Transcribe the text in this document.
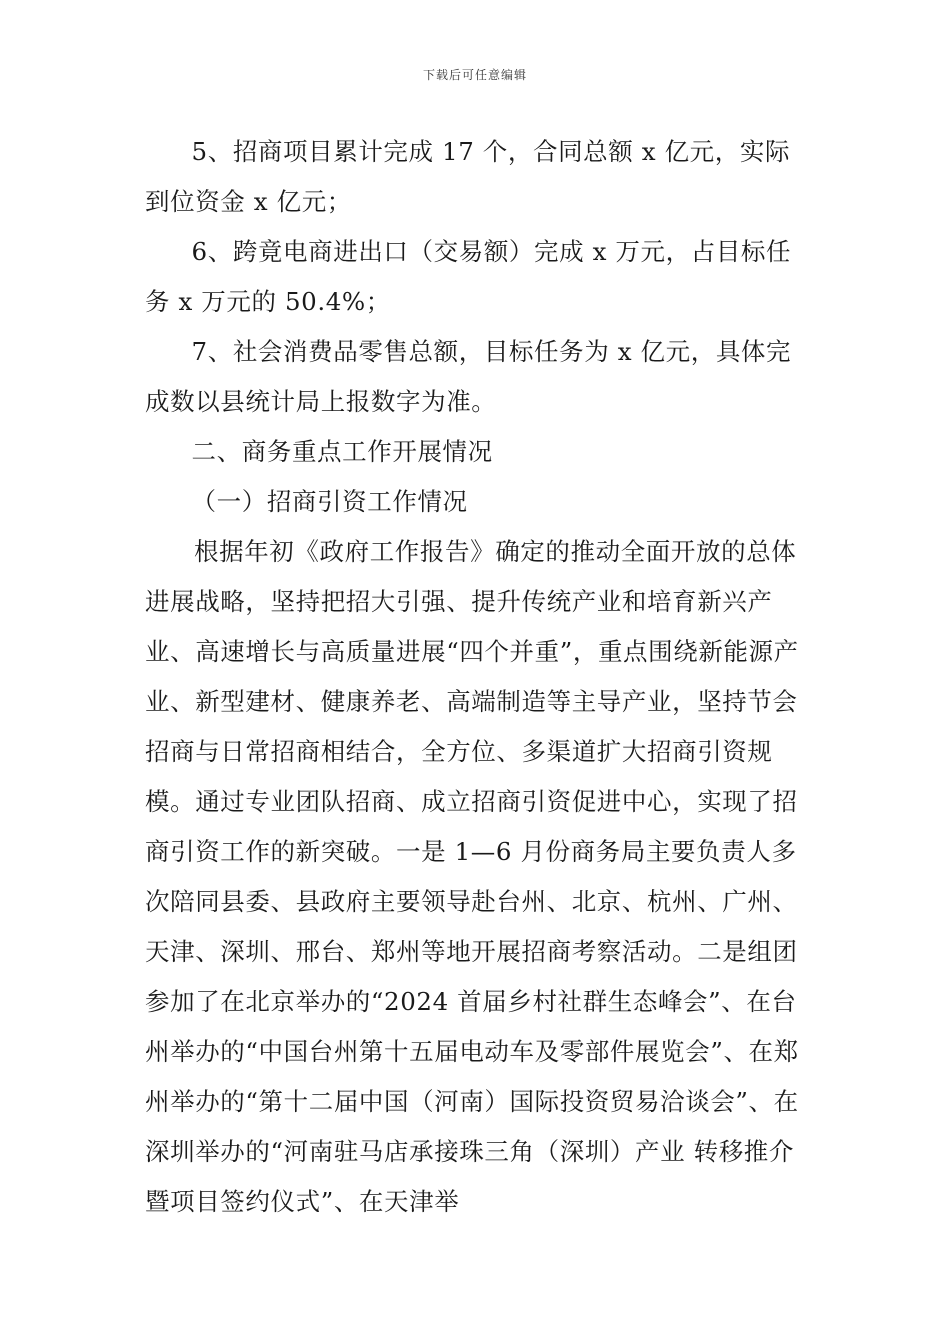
下载后可任意编辑

5、招商项目累计完成 17 个，合同总额 x 亿元，实际到位资金 x 亿元；

6、跨竟电商进出口（交易额）完成 x 万元，占目标任务 x 万元的 50.4%；

7、社会消费品零售总额，目标任务为 x 亿元，具体完成数以县统计局上报数字为准。

二、商务重点工作开展情况

（一）招商引资工作情况

根据年初《政府工作报告》确定的推动全面开放的总体进展战略，坚持把招大引强、提升传统产业和培育新兴产业、高速增长与高质量进展“四个并重”，重点围绕新能源产业、新型建材、健康养老、高端制造等主导产业，坚持节会招商与日常招商相结合，全方位、多渠道扩大招商引资规模。通过专业团队招商、成立招商引资促进中心，实现了招商引资工作的新突破。一是 1—6 月份商务局主要负责人多次陪同县委、县政府主要领导赴台州、北京、杭州、广州、天津、深圳、邢台、郑州等地开展招商考察活动。二是组团参加了在北京举办的“2024 首届乡村社群生态峰会”、在台州举办的“中国台州第十五届电动车及零部件展览会”、在郑州举办的“第十二届中国（河南）国际投资贸易洽谈会”、在深圳举办的“河南驻马店承接珠三角（深圳）产业 转移推介暨项目签约仪式”、在天津举
